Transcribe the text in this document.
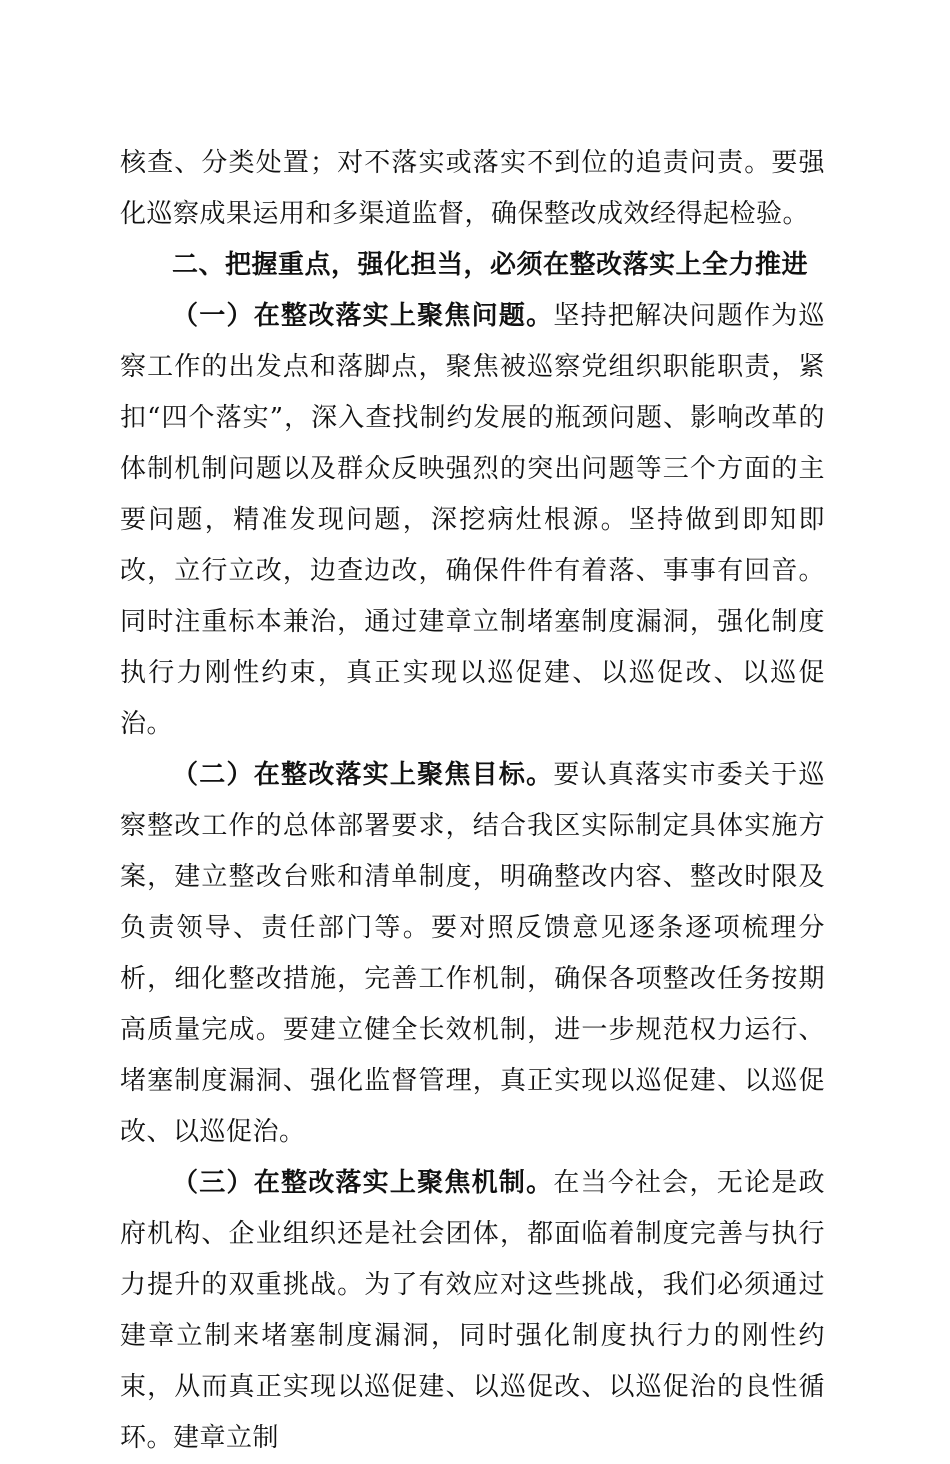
核查、分类处置；对不落实或落实不到位的追责问责。要强化巡察成果运用和多渠道监督，确保整改成效经得起检验。

二、把握重点，强化担当，必须在整改落实上全力推进

（一）在整改落实上聚焦问题。坚持把解决问题作为巡察工作的出发点和落脚点，聚焦被巡察党组织职能职责，紧扣“四个落实”，深入查找制约发展的瓶颈问题、影响改革的体制机制问题以及群众反映强烈的突出问题等三个方面的主要问题，精准发现问题，深挖病灶根源。坚持做到即知即改，立行立改，边查边改，确保件件有着落、事事有回音。同时注重标本兼治，通过建章立制堵塞制度漏洞，强化制度执行力刚性约束，真正实现以巡促建、以巡促改、以巡促治。

（二）在整改落实上聚焦目标。要认真落实市委关于巡察整改工作的总体部署要求，结合我区实际制定具体实施方案，建立整改台账和清单制度，明确整改内容、整改时限及负责领导、责任部门等。要对照反馈意见逐条逐项梳理分析，细化整改措施，完善工作机制，确保各项整改任务按期高质量完成。要建立健全长效机制，进一步规范权力运行、堵塞制度漏洞、强化监督管理，真正实现以巡促建、以巡促改、以巡促治。

（三）在整改落实上聚焦机制。在当今社会，无论是政府机构、企业组织还是社会团体，都面临着制度完善与执行力提升的双重挑战。为了有效应对这些挑战，我们必须通过建章立制来堵塞制度漏洞，同时强化制度执行力的刚性约束，从而真正实现以巡促建、以巡促改、以巡促治的良性循环。建章立制
